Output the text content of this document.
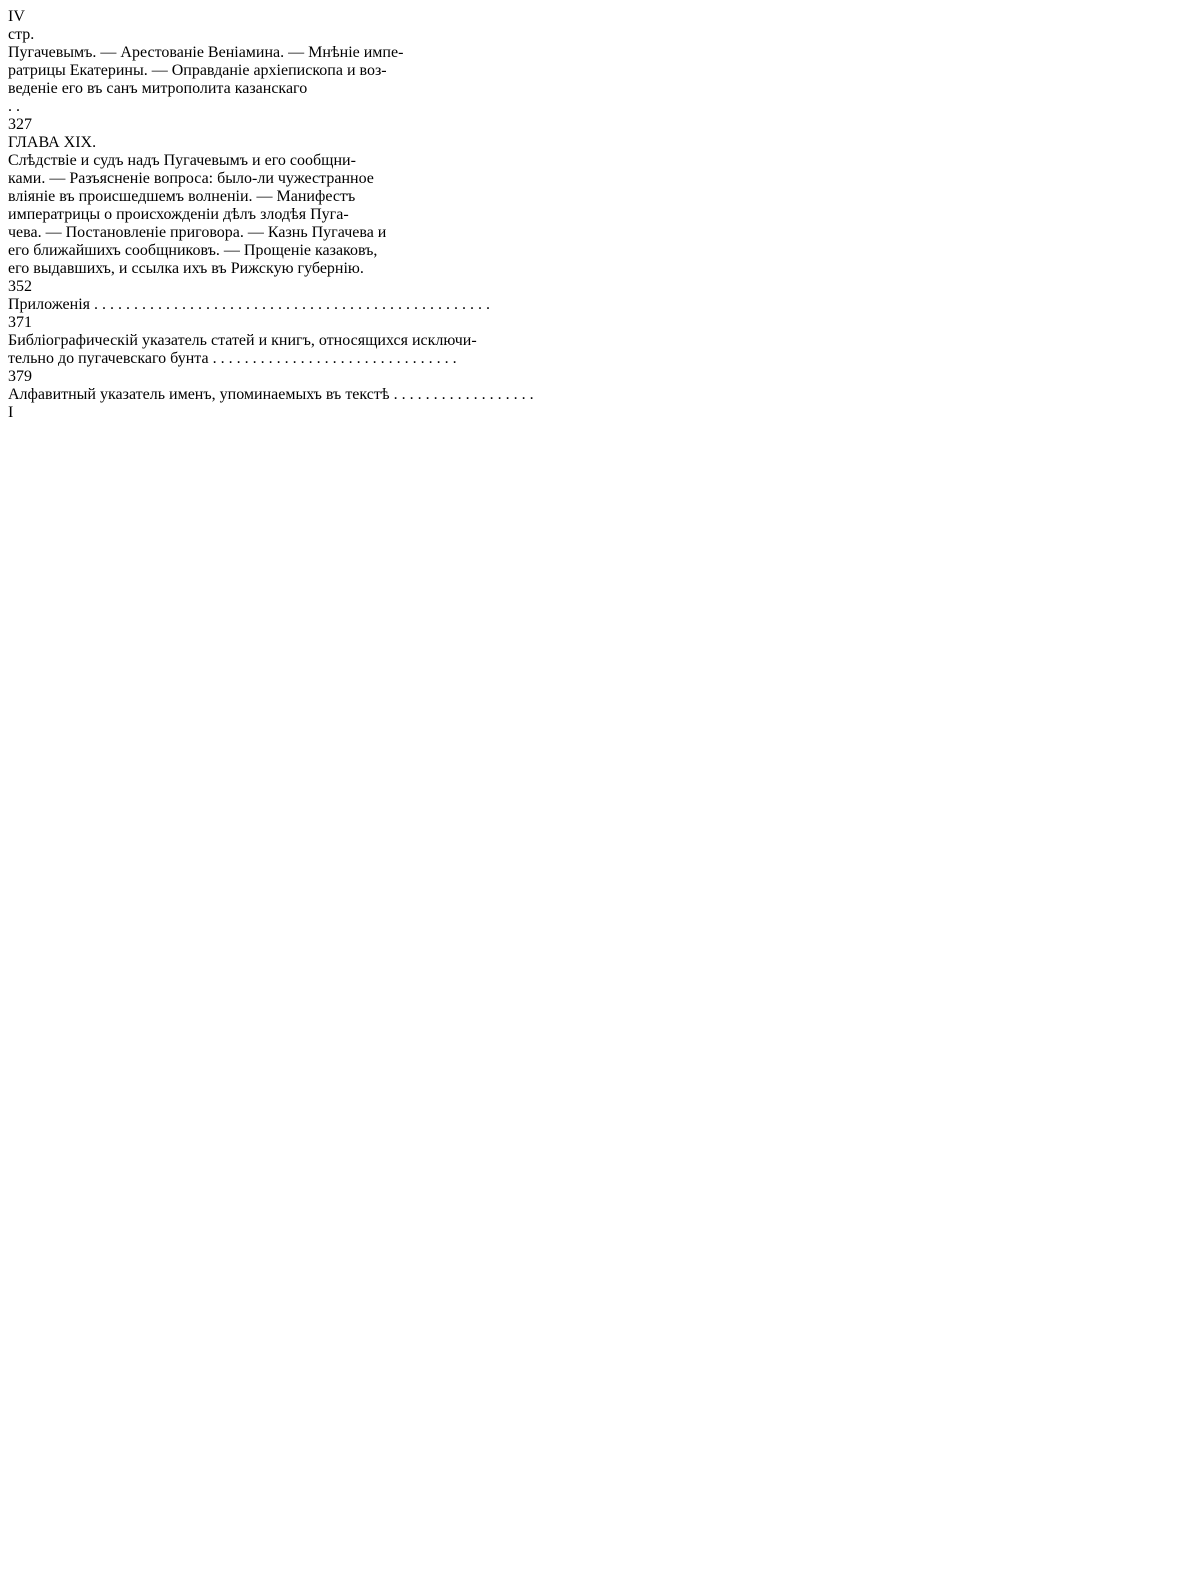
IV
стр.
Пугачевымъ. — Арестованіе Веніамина. — Мнѣніе импе-
ратрицы Екатерины. — Оправданіе архіепископа и воз-
веденіе его въ санъ митрополита казанскаго
. .
327
ГЛАВА XIX.
Слѣдствіе и судъ надъ Пугачевымъ и его сообщни-
ками. — Разъясненіе вопроса: было-ли чужестранное
вліяніе въ происшедшемъ волненіи. — Манифестъ
императрицы о происхожденіи дѣлъ злодѣя Пуга-
чева. — Постановленіе приговора. — Казнь Пугачева и
его ближайшихъ сообщниковъ. — Прощеніе казаковъ,
его выдавшихъ, и ссылка ихъ въ Рижскую губернію.
352
Приложенія . . . . . . . . . . . . . . . . . . . . . . . . . . . . . . . . . . . . . . . . . . . . . . . . . .
371
Библіографическій указатель статей и книгъ, относящихся исключи-
тельно до пугачевскаго бунта . . . . . . . . . . . . . . . . . . . . . . . . . . . . . . .
379
Алфавитный указатель именъ, упоминаемыхъ въ текстѣ . . . . . . . . . . . . . . . . . .
I
